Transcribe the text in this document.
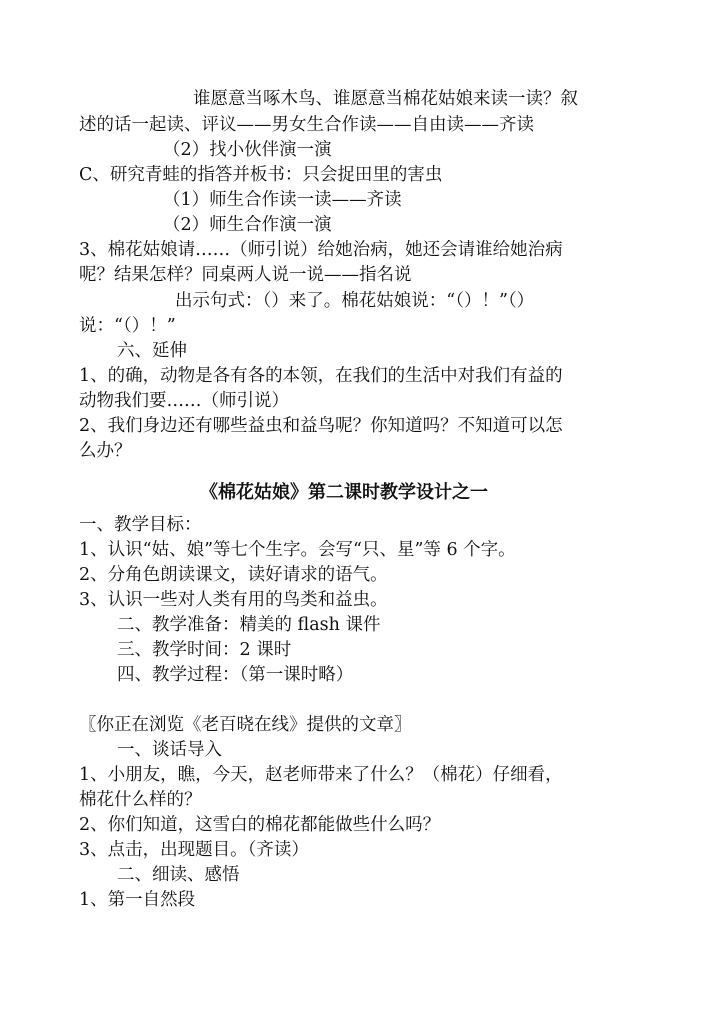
谁愿意当啄木鸟、谁愿意当棉花姑娘来读一读？叙
述的话一起读、评议——男女生合作读——自由读——齐读
（2）找小伙伴演一演
C、研究青蛙的指答并板书：只会捉田里的害虫
（1）师生合作读一读——齐读
（2）师生合作演一演
3、棉花姑娘请……（师引说）给她治病，她还会请谁给她治病
呢？结果怎样？同桌两人说一说——指名说
出示句式：（）来了。棉花姑娘说：“（）！”（）
说：“（）！”
六、延伸
1、的确，动物是各有各的本领，在我们的生活中对我们有益的
动物我们要……（师引说）
2、我们身边还有哪些益虫和益鸟呢？你知道吗？不知道可以怎
么办？
《棉花姑娘》第二课时教学设计之一
一、教学目标：
1、认识“姑、娘”等七个生字。会写“只、星”等 6 个字。
2、分角色朗读课文，读好请求的语气。
3、认识一些对人类有用的鸟类和益虫。
二、教学准备：精美的 flash 课件
三、教学时间：2 课时
四、教学过程：（第一课时略）
〖你正在浏览《老百晓在线》提供的文章〗
一、谈话导入
1、小朋友，瞧，今天，赵老师带来了什么？（棉花）仔细看，
棉花什么样的？
2、你们知道，这雪白的棉花都能做些什么吗？
3、点击，出现题目。（齐读）
二、细读、感悟
1、第一自然段
